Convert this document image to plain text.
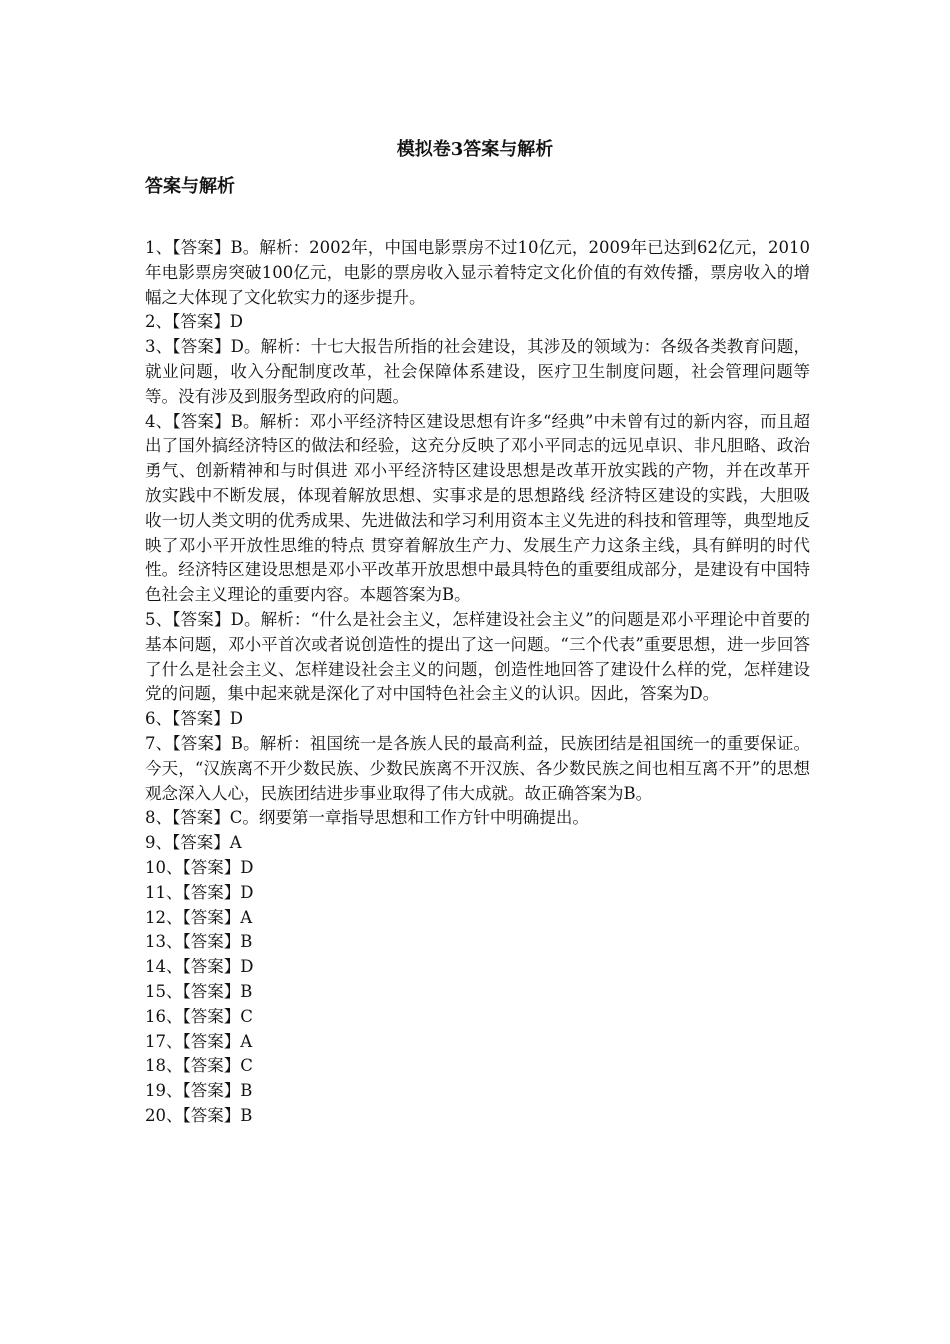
模拟卷3答案与解析
答案与解析

1、【答案】B。解析：2002年，中国电影票房不过10亿元，2009年已达到62亿元，2010年电影票房突破100亿元，电影的票房收入显示着特定文化价值的有效传播，票房收入的增幅之大体现了文化软实力的逐步提升。

2、【答案】D

3、【答案】D。解析：十七大报告所指的社会建设，其涉及的领域为：各级各类教育问题，就业问题，收入分配制度改革，社会保障体系建设，医疗卫生制度问题，社会管理问题等等。没有涉及到服务型政府的问题。

4、【答案】B。解析：邓小平经济特区建设思想有许多“经典”中未曾有过的新内容，而且超出了国外搞经济特区的做法和经验，这充分反映了邓小平同志的远见卓识、非凡胆略、政治勇气、创新精神和与时俱进 邓小平经济特区建设思想是改革开放实践的产物，并在改革开放实践中不断发展，体现着解放思想、实事求是的思想路线 经济特区建设的实践，大胆吸收一切人类文明的优秀成果、先进做法和学习利用资本主义先进的科技和管理等，典型地反映了邓小平开放性思维的特点 贯穿着解放生产力、发展生产力这条主线，具有鲜明的时代性。经济特区建设思想是邓小平改革开放思想中最具特色的重要组成部分，是建设有中国特色社会主义理论的重要内容。本题答案为B。

5、【答案】D。解析：“什么是社会主义，怎样建设社会主义”的问题是邓小平理论中首要的基本问题，邓小平首次或者说创造性的提出了这一问题。“三个代表”重要思想，进一步回答了什么是社会主义、怎样建设社会主义的问题，创造性地回答了建设什么样的党，怎样建设党的问题，集中起来就是深化了对中国特色社会主义的认识。因此，答案为D。

6、【答案】D

7、【答案】B。解析：祖国统一是各族人民的最高利益，民族团结是祖国统一的重要保证。今天，“汉族离不开少数民族、少数民族离不开汉族、各少数民族之间也相互离不开”的思想观念深入人心，民族团结进步事业取得了伟大成就。故正确答案为B。

8、【答案】C。纲要第一章指导思想和工作方针中明确提出。

9、【答案】A

10、【答案】D

11、【答案】D

12、【答案】A

13、【答案】B

14、【答案】D

15、【答案】B

16、【答案】C

17、【答案】A

18、【答案】C

19、【答案】B

20、【答案】B
